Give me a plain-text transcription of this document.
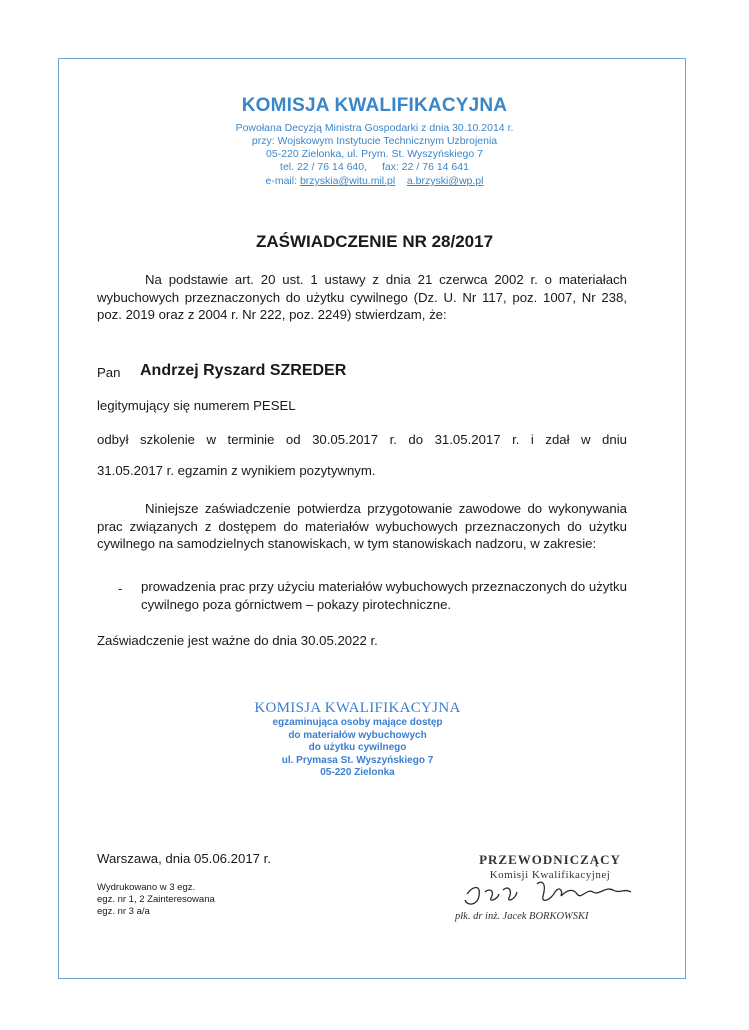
KOMISJA KWALIFIKACYJNA
Powołana Decyzją Ministra Gospodarki z dnia 30.10.2014 r.
przy: Wojskowym Instytucie Technicznym Uzbrojenia
05-220 Zielonka, ul. Prym. St. Wyszyńskiego 7
tel. 22 / 76 14 640, fax: 22 / 76 14 641
e-mail: brzyskia@witu.mil.pl a.brzyski@wp.pl
ZAŚWIADCZENIE NR 28/2017
Na podstawie art. 20 ust. 1 ustawy z dnia 21 czerwca 2002 r. o materiałach wybuchowych przeznaczonych do użytku cywilnego (Dz. U. Nr 117, poz. 1007, Nr 238, poz. 2019 oraz z 2004 r. Nr 222, poz. 2249) stwierdzam, że:
Pan Andrzej Ryszard SZREDER
legitymujący się numerem PESEL
odbył szkolenie w terminie od 30.05.2017 r. do 31.05.2017 r. i zdał w dniu
31.05.2017 r. egzamin z wynikiem pozytywnym.
Niniejsze zaświadczenie potwierdza przygotowanie zawodowe do wykonywania prac związanych z dostępem do materiałów wybuchowych przeznaczonych do użytku cywilnego na samodzielnych stanowiskach, w tym stanowiskach nadzoru, w zakresie:
- prowadzenia prac przy użyciu materiałów wybuchowych przeznaczonych do użytku cywilnego poza górnictwem – pokazy pirotechniczne.
Zaświadczenie jest ważne do dnia 30.05.2022 r.
KOMISJA KWALIFIKACYJNA
egzaminująca osoby mające dostęp
do materiałów wybuchowych
do użytku cywilnego
ul. Prymasa St. Wyszyńskiego 7
05-220 Zielonka
Warszawa, dnia 05.06.2017 r.
Wydrukowano w 3 egz.
egz. nr 1, 2 Zainteresowana
egz. nr 3 a/a
PRZEWODNICZĄCY
Komisji Kwalifikacyjnej
płk. dr inż. Jacek BORKOWSKI
